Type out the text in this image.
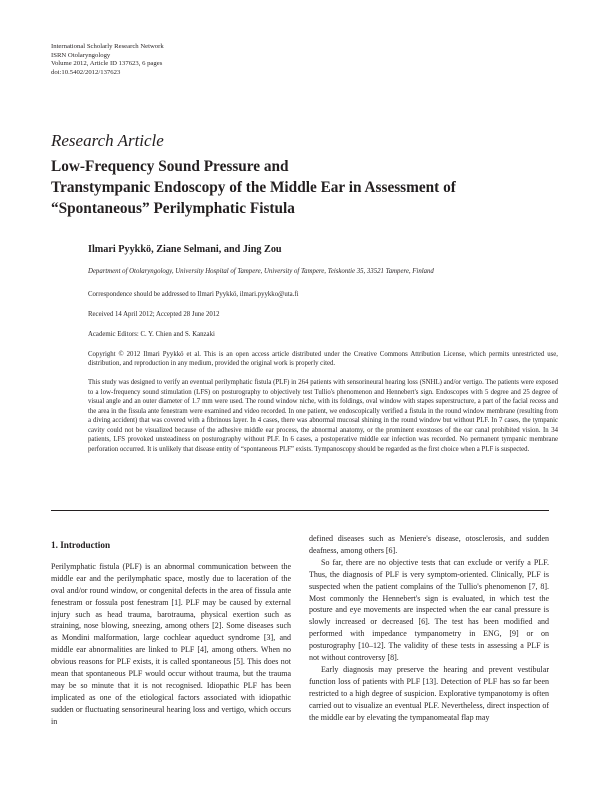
International Scholarly Research Network
ISRN Otolaryngology
Volume 2012, Article ID 137623, 6 pages
doi:10.5402/2012/137623
Research Article
Low-Frequency Sound Pressure and
Transtympanic Endoscopy of the Middle Ear in Assessment of
“Spontaneous” Perilymphatic Fistula
Ilmari Pyykkö, Ziane Selmani, and Jing Zou
Department of Otolaryngology, University Hospital of Tampere, University of Tampere, Teiskontie 35, 33521 Tampere, Finland
Correspondence should be addressed to Ilmari Pyykkö, ilmari.pyykko@uta.fi
Received 14 April 2012; Accepted 28 June 2012
Academic Editors: C. Y. Chien and S. Kanzaki
Copyright © 2012 Ilmari Pyykkö et al. This is an open access article distributed under the Creative Commons Attribution License, which permits unrestricted use, distribution, and reproduction in any medium, provided the original work is properly cited.
This study was designed to verify an eventual perilymphatic fistula (PLF) in 264 patients with sensorineural hearing loss (SNHL) and/or vertigo. The patients were exposed to a low-frequency sound stimulation (LFS) on posturography to objectively test Tullio's phenomenon and Hennebert's sign. Endoscopes with 5 degree and 25 degree of visual angle and an outer diameter of 1.7 mm were used. The round window niche, with its foldings, oval window with stapes superstructure, a part of the facial recess and the area in the fissula ante fenestram were examined and video recorded. In one patient, we endoscopically verified a fistula in the round window membrane (resulting from a diving accident) that was covered with a fibrinous layer. In 4 cases, there was abnormal mucosal shining in the round window but without PLF. In 7 cases, the tympanic cavity could not be visualized because of the adhesive middle ear process, the abnormal anatomy, or the prominent exostoses of the ear canal prohibited vision. In 34 patients, LFS provoked unsteadiness on posturography without PLF. In 6 cases, a postoperative middle ear infection was recorded. No permanent tympanic membrane perforation occurred. It is unlikely that disease entity of “spontaneous PLF” exists. Tympanoscopy should be regarded as the first choice when a PLF is suspected.
1. Introduction

Perilymphatic fistula (PLF) is an abnormal communication between the middle ear and the perilymphatic space, mostly due to laceration of the oval and/or round window, or congenital defects in the area of fissula ante fenestram or fossula post fenestram [1]. PLF may be caused by external injury such as head trauma, barotrauma, physical exertion such as straining, nose blowing, sneezing, among others [2]. Some diseases such as Mondini malformation, large cochlear aqueduct syndrome [3], and middle ear abnormalities are linked to PLF [4], among others. When no obvious reasons for PLF exists, it is called spontaneous [5]. This does not mean that spontaneous PLF would occur without trauma, but the trauma may be so minute that it is not recognised. Idiopathic PLF has been implicated as one of the etiological factors associated with idiopathic sudden or fluctuating sensorineural hearing loss and vertigo, which occurs in

defined diseases such as Meniere's disease, otosclerosis, and sudden deafness, among others [6].

So far, there are no objective tests that can exclude or verify a PLF. Thus, the diagnosis of PLF is very symptom-oriented. Clinically, PLF is suspected when the patient complains of the Tullio's phenomenon [7, 8]. Most commonly the Hennebert's sign is evaluated, in which test the posture and eye movements are inspected when the ear canal pressure is slowly increased or decreased [6]. The test has been modified and performed with impedance tympanometry in ENG, [9] or on posturography [10–12]. The validity of these tests in assessing a PLF is not without controversy [8].

Early diagnosis may preserve the hearing and prevent vestibular function loss of patients with PLF [13]. Detection of PLF has so far been restricted to a high degree of suspicion. Explorative tympanotomy is often carried out to visualize an eventual PLF. Nevertheless, direct inspection of the middle ear by elevating the tympanomeatal flap may
